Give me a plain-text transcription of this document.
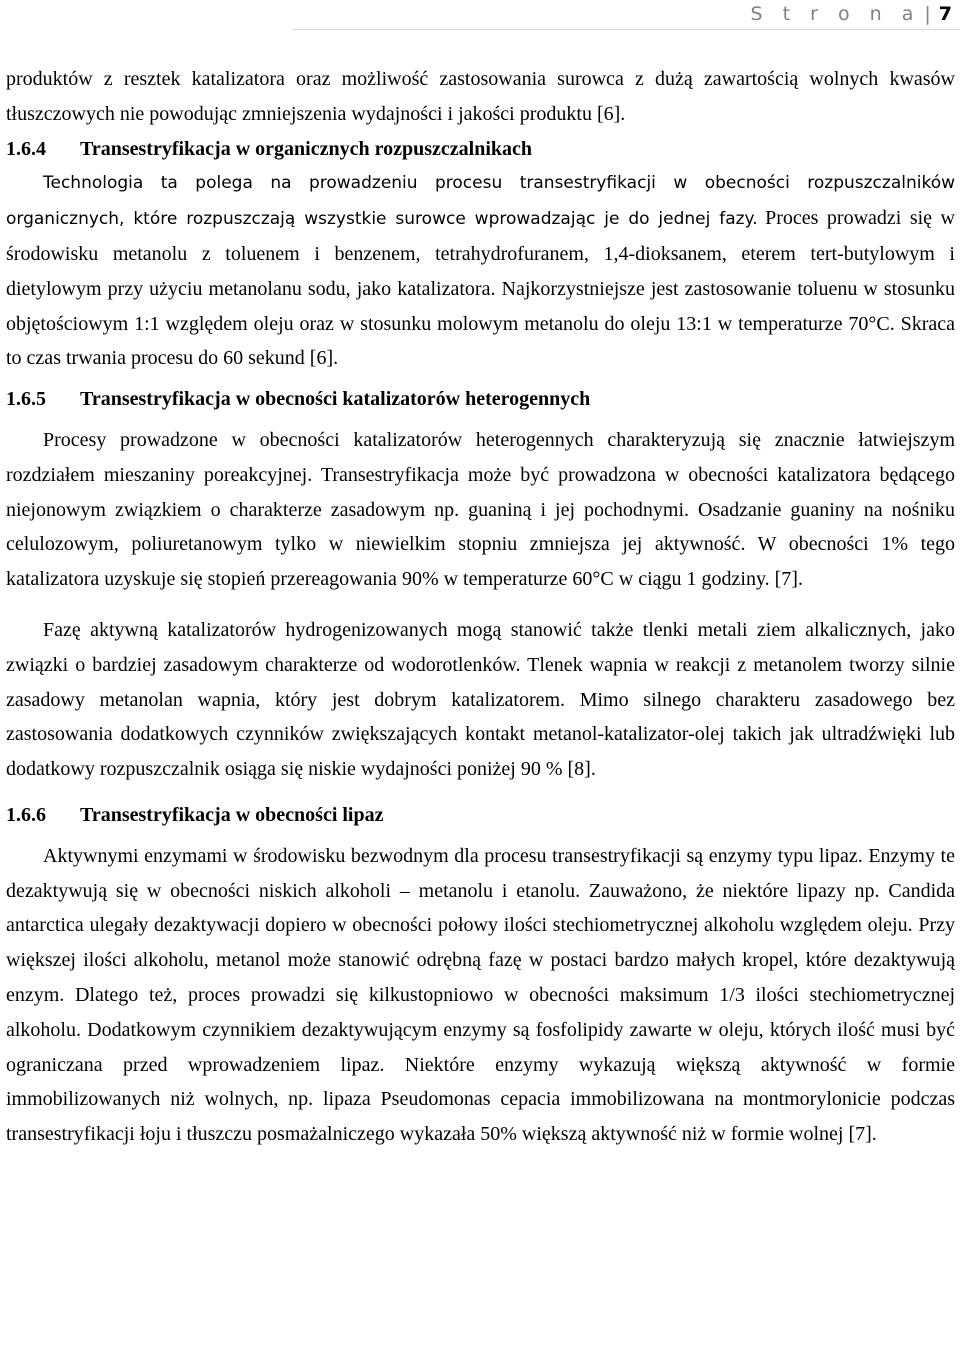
S t r o n a | 7

produktów z resztek katalizatora oraz możliwość zastosowania surowca z dużą zawartością wolnych kwasów tłuszczowych nie powodując zmniejszenia wydajności i jakości produktu [6].

1.6.4 Transestryfikacja w organicznych rozpuszczalnikach

Technologia ta polega na prowadzeniu procesu transestryfikacji w obecności rozpuszczalników organicznych, które rozpuszczają wszystkie surowce wprowadzając je do jednej fazy. Proces prowadzi się w środowisku metanolu z toluenem i benzenem, tetrahydrofuranem, 1,4-dioksanem, eterem tert-butylowym i dietylowym przy użyciu metanolanu sodu, jako katalizatora. Najkorzystniejsze jest zastosowanie toluenu w stosunku objętościowym 1:1 względem oleju oraz w stosunku molowym metanolu do oleju 13:1 w temperaturze 70°C. Skraca to czas trwania procesu do 60 sekund [6].

1.6.5 Transestryfikacja w obecności katalizatorów heterogennych

Procesy prowadzone w obecności katalizatorów heterogennych charakteryzują się znacznie łatwiejszym rozdziałem mieszaniny poreakcyjnej. Transestryfikacja może być prowadzona w obecności katalizatora będącego niejonowym związkiem o charakterze zasadowym np. guaniną i jej pochodnymi. Osadzanie guaniny na nośniku celulozowym, poliuretanowym tylko w niewielkim stopniu zmniejsza jej aktywność. W obecności 1% tego katalizatora uzyskuje się stopień przereagowania 90% w temperaturze 60°C w ciągu 1 godziny. [7].

Fazę aktywną katalizatorów hydrogenizowanych mogą stanowić także tlenki metali ziem alkalicznych, jako związki o bardziej zasadowym charakterze od wodorotlenków. Tlenek wapnia w reakcji z metanolem tworzy silnie zasadowy metanolan wapnia, który jest dobrym katalizatorem. Mimo silnego charakteru zasadowego bez zastosowania dodatkowych czynników zwiększających kontakt metanol-katalizator-olej takich jak ultradźwięki lub dodatkowy rozpuszczalnik osiąga się niskie wydajności poniżej 90 % [8].

1.6.6 Transestryfikacja w obecności lipaz

Aktywnymi enzymami w środowisku bezwodnym dla procesu transestryfikacji są enzymy typu lipaz. Enzymy te dezaktywują się w obecności niskich alkoholi – metanolu i etanolu. Zauważono, że niektóre lipazy np. Candida antarctica ulegały dezaktywacji dopiero w obecności połowy ilości stechiometrycznej alkoholu względem oleju. Przy większej ilości alkoholu, metanol może stanowić odrębną fazę w postaci bardzo małych kropel, które dezaktywują enzym. Dlatego też, proces prowadzi się kilkustopniowo w obecności maksimum 1/3 ilości stechiometrycznej alkoholu. Dodatkowym czynnikiem dezaktywującym enzymy są fosfolipidy zawarte w oleju, których ilość musi być ograniczana przed wprowadzeniem lipaz. Niektóre enzymy wykazują większą aktywność w formie immobilizowanych niż wolnych, np. lipaza Pseudomonas cepacia immobilizowana na montmorylonicie podczas transestryfikacji łoju i tłuszczu posmażalniczego wykazała 50% większą aktywność niż w formie wolnej [7].
